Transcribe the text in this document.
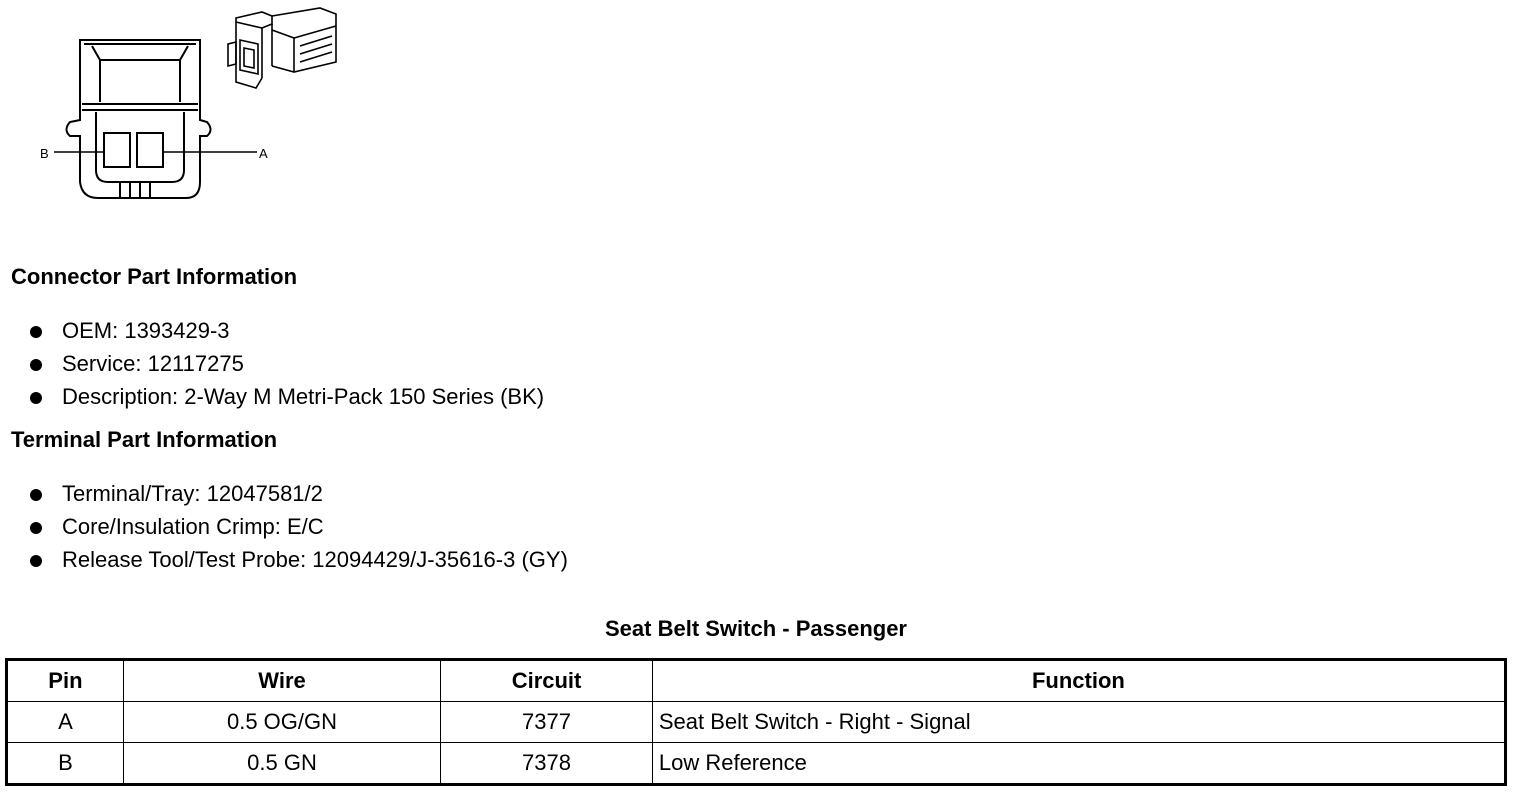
B	A
Connector Part Information
OEM: 1393429-3
Service: 12117275
Description: 2-Way M Metri-Pack 150 Series (BK)
Terminal Part Information
Terminal/Tray: 12047581/2
Core/Insulation Crimp: E/C
Release Tool/Test Probe: 12094429/J-35616-3 (GY)
Seat Belt Switch - Passenger
Pin	Wire	Circuit	Function
A	0.5 OG/GN	7377	Seat Belt Switch - Right - Signal
B	0.5 GN	7378	Low Reference
